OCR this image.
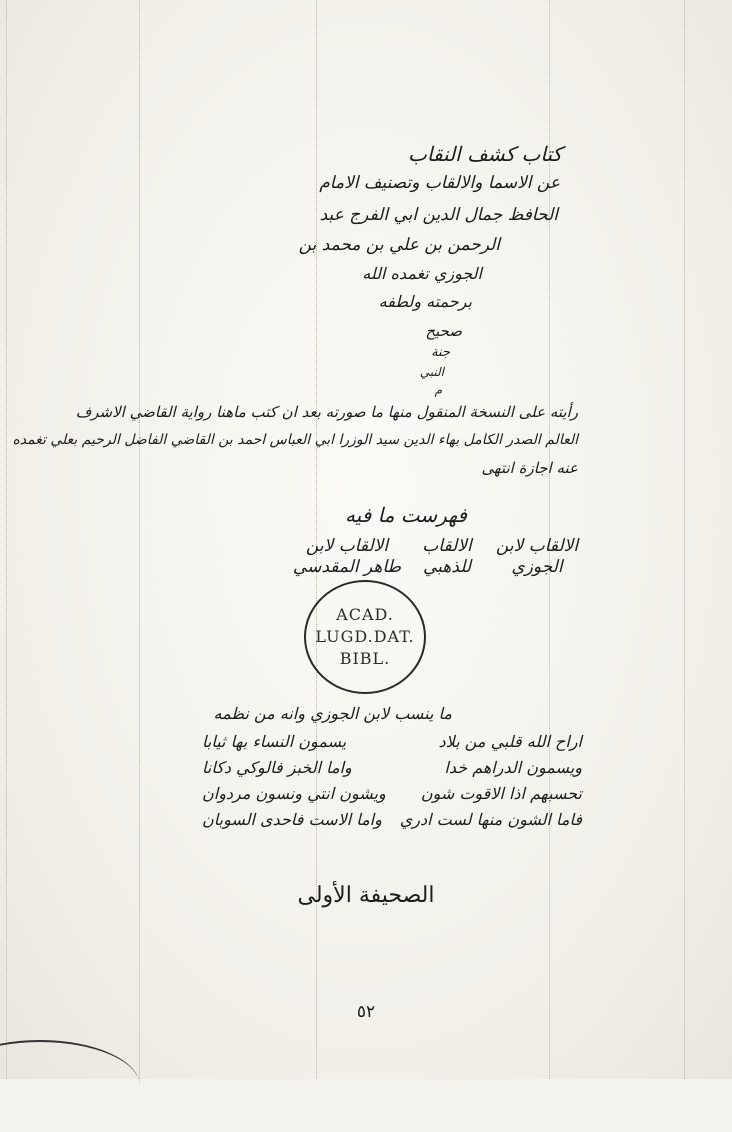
كتاب كشف النقاب
عن الاسما والالقاب وتصنيف الامام
الحافظ جمال الدين ابي الفرج عبد
الرحمن بن علي بن محمد بن
الجوزي تغمده الله
برحمته ولطفه
صحيح
جنة
النبي
م
رأيته على النسخة المنقول منها ما صورته بعد ان كتب ماهنا رواية القاضي الاشرف
العالم الصدر الكامل بهاء الدين سيد الوزرا ابي العباس احمد بن القاضي الفاضل الرحيم بعلي تغمده
عنه اجازة انتهى
فهرست ما فيه
الالقاب لابن
الجوزي
الالقاب
للذهبي
الالقاب لابن
طاهر المقدسي
ACAD.
LUGD.DAT.
BIBL.
ما ينسب لابن الجوزي وانه من نظمه
اراح الله قلبي من بلاد
يسمون النساء بها ثيابا
ويسمون الدراهم خدا
واما الخبز فالوكي دكانا
تحسبهم اذا الاقوت شون
ويشون انتي ونسون مردوان
فاما الشون منها لست ادري
واما الاست فاحدى السوبان
الصحيفة الأولى
٥٢
